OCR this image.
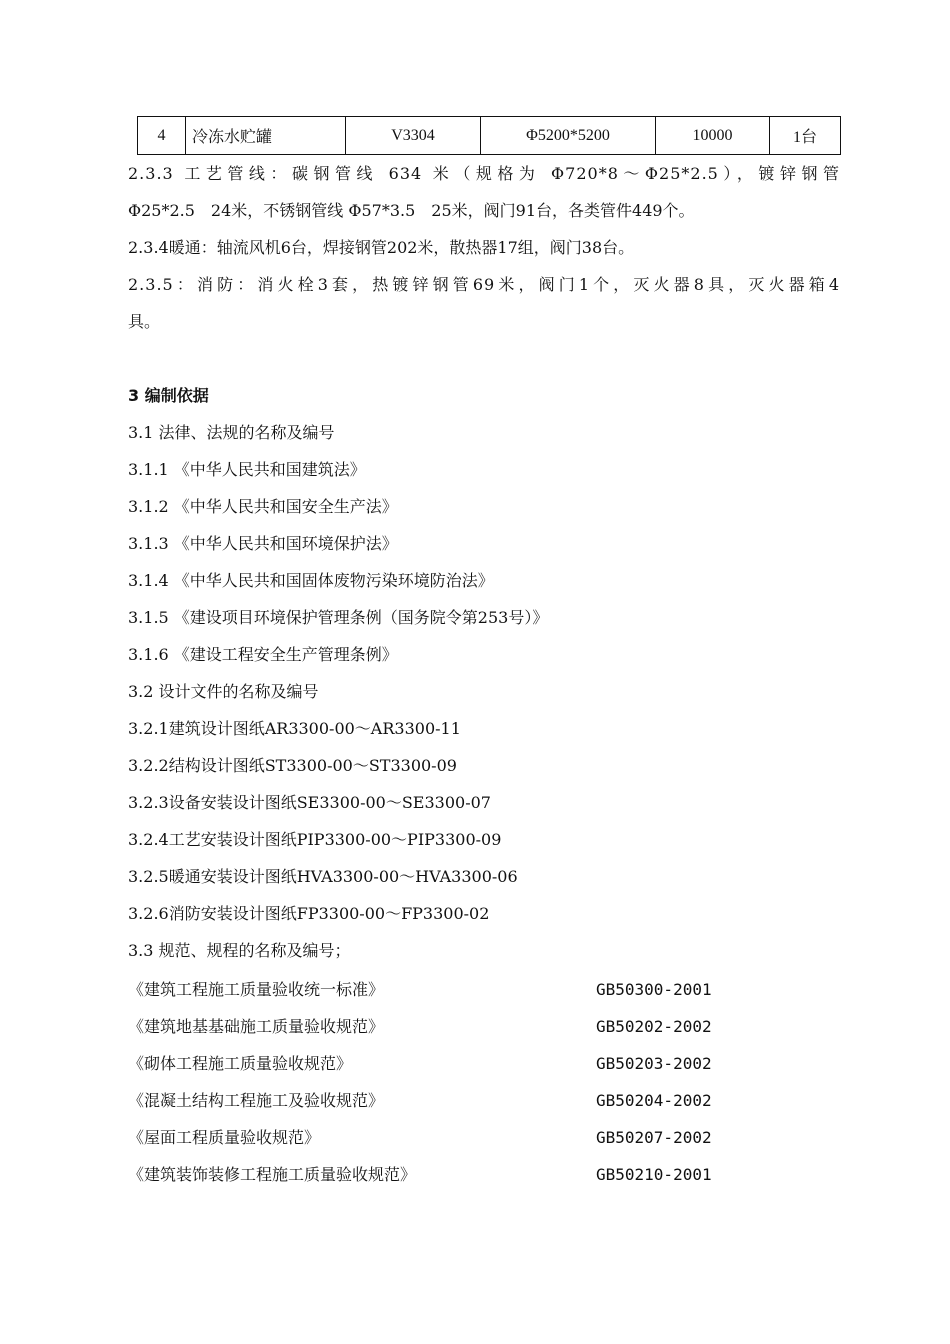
4	冷冻水贮罐	V3304	Φ5200*5200	10000	1台
2.3.3 工艺管线：碳钢管线 634 米（规格为 Φ720*8～Φ25*2.5），镀锌钢管
Φ25*2.5　24米，不锈钢管线 Φ57*3.5　25米，阀门91台，各类管件449个。
2.3.4暖通：轴流风机6台，焊接钢管202米，散热器17组，阀门38台。
2.3.5：消防：消火栓3套，热镀锌钢管69米，阀门1个，灭火器8具，灭火器箱4
具。
3 编制依据
3.1 法律、法规的名称及编号
3.1.1 《中华人民共和国建筑法》
3.1.2 《中华人民共和国安全生产法》
3.1.3 《中华人民共和国环境保护法》
3.1.4 《中华人民共和国固体废物污染环境防治法》
3.1.5 《建设项目环境保护管理条例（国务院令第253号）》
3.1.6 《建设工程安全生产管理条例》
3.2 设计文件的名称及编号
3.2.1建筑设计图纸AR3300-00～AR3300-11
3.2.2结构设计图纸ST3300-00～ST3300-09
3.2.3设备安装设计图纸SE3300-00～SE3300-07
3.2.4工艺安装设计图纸PIP3300-00～PIP3300-09
3.2.5暖通安装设计图纸HVA3300-00～HVA3300-06
3.2.6消防安装设计图纸FP3300-00～FP3300-02
3.3 规范、规程的名称及编号；
《建筑工程施工质量验收统一标准》	GB50300-2001
《建筑地基基础施工质量验收规范》	GB50202-2002
《砌体工程施工质量验收规范》	GB50203-2002
《混凝土结构工程施工及验收规范》	GB50204-2002
《屋面工程质量验收规范》	GB50207-2002
《建筑装饰装修工程施工质量验收规范》	GB50210-2001
